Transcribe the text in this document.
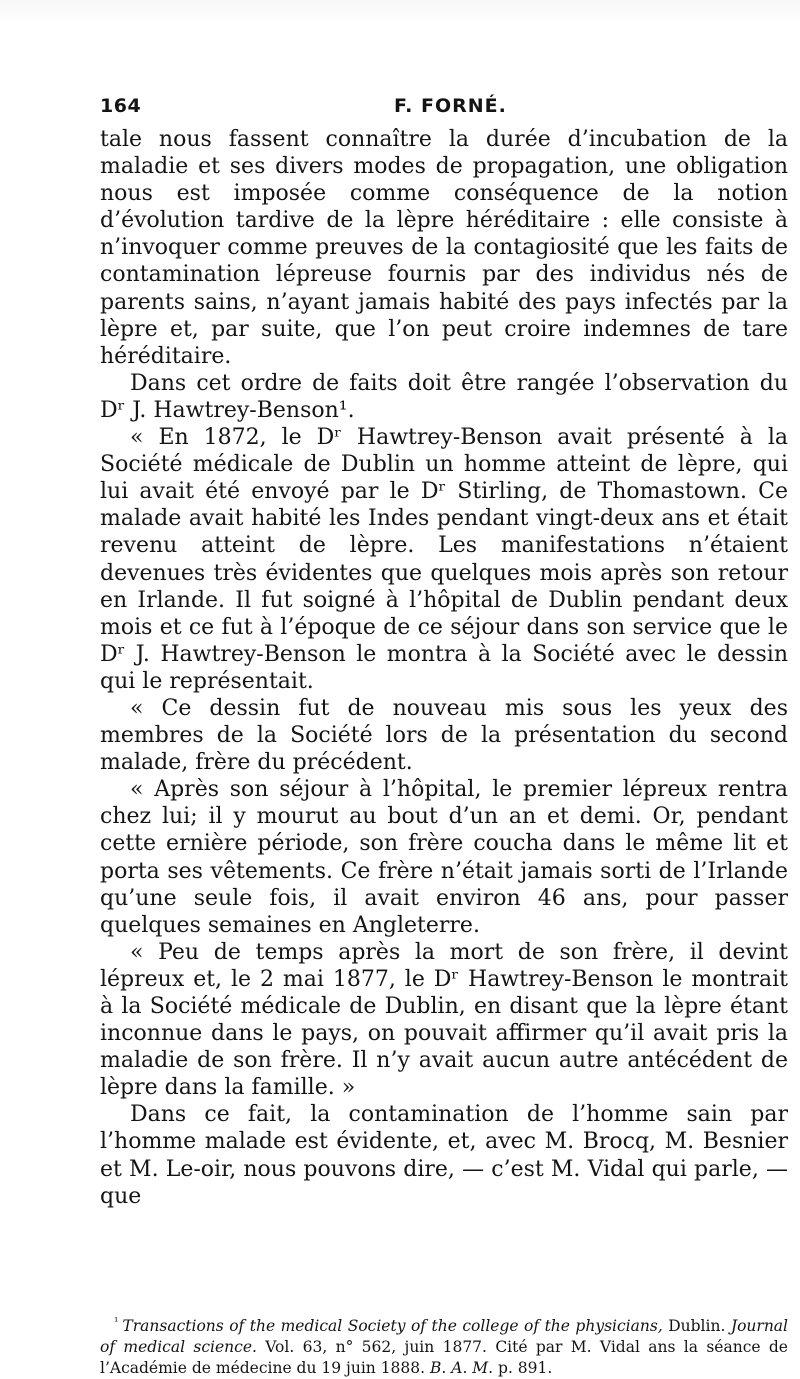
164	F. FORNÉ.

tale nous fassent connaître la durée d’incubation de la maladie et ses divers modes de propagation, une obligation nous est imposée comme conséquence de la notion d’évolution tardive de la lèpre héréditaire : elle consiste à n’invoquer comme preuves de la contagiosité que les faits de contamination lépreuse fournis par des individus nés de parents sains, n’ayant jamais habité des pays infectés par la lèpre et, par suite, que l’on peut croire indemnes de tare héréditaire.

Dans cet ordre de faits doit être rangée l’observation du Dʳ J. Hawtrey-Benson¹.

« En 1872, le Dʳ Hawtrey-Benson avait présenté à la Société médicale de Dublin un homme atteint de lèpre, qui lui avait été envoyé par le Dʳ Stirling, de Thomastown. Ce malade avait habité les Indes pendant vingt-deux ans et était revenu atteint de lèpre. Les manifestations n’étaient devenues très évidentes que quelques mois après son retour en Irlande. Il fut soigné à l’hôpital de Dublin pendant deux mois et ce fut à l’époque de ce séjour dans son service que le Dʳ J. Hawtrey-Benson le montra à la Société avec le dessin qui le représentait.

« Ce dessin fut de nouveau mis sous les yeux des membres de la Société lors de la présentation du second malade, frère du précédent.

« Après son séjour à l’hôpital, le premier lépreux rentra chez lui; il y mourut au bout d’un an et demi. Or, pendant cette ernière période, son frère coucha dans le même lit et porta ses vêtements. Ce frère n’était jamais sorti de l’Irlande qu’une seule fois, il avait environ 46 ans, pour passer quelques semaines en Angleterre.

« Peu de temps après la mort de son frère, il devint lépreux et, le 2 mai 1877, le Dʳ Hawtrey-Benson le montrait à la Société médicale de Dublin, en disant que la lèpre étant inconnue dans le pays, on pouvait affirmer qu’il avait pris la maladie de son frère. Il n’y avait aucun autre antécédent de lèpre dans la famille. »

Dans ce fait, la contamination de l’homme sain par l’homme malade est évidente, et, avec M. Brocq, M. Besnier et M. Le-oir, nous pouvons dire, — c’est M. Vidal qui parle, — que

$^{^1}$ Transactions of the medical Society of the college of the physicians, Dublin. Journal of medical science. Vol. 63, n° 562, juin 1877. Cité par M. Vidal ans la séance de l’Académie de médecine du 19 juin 1888. B. A. M. p. 891.
